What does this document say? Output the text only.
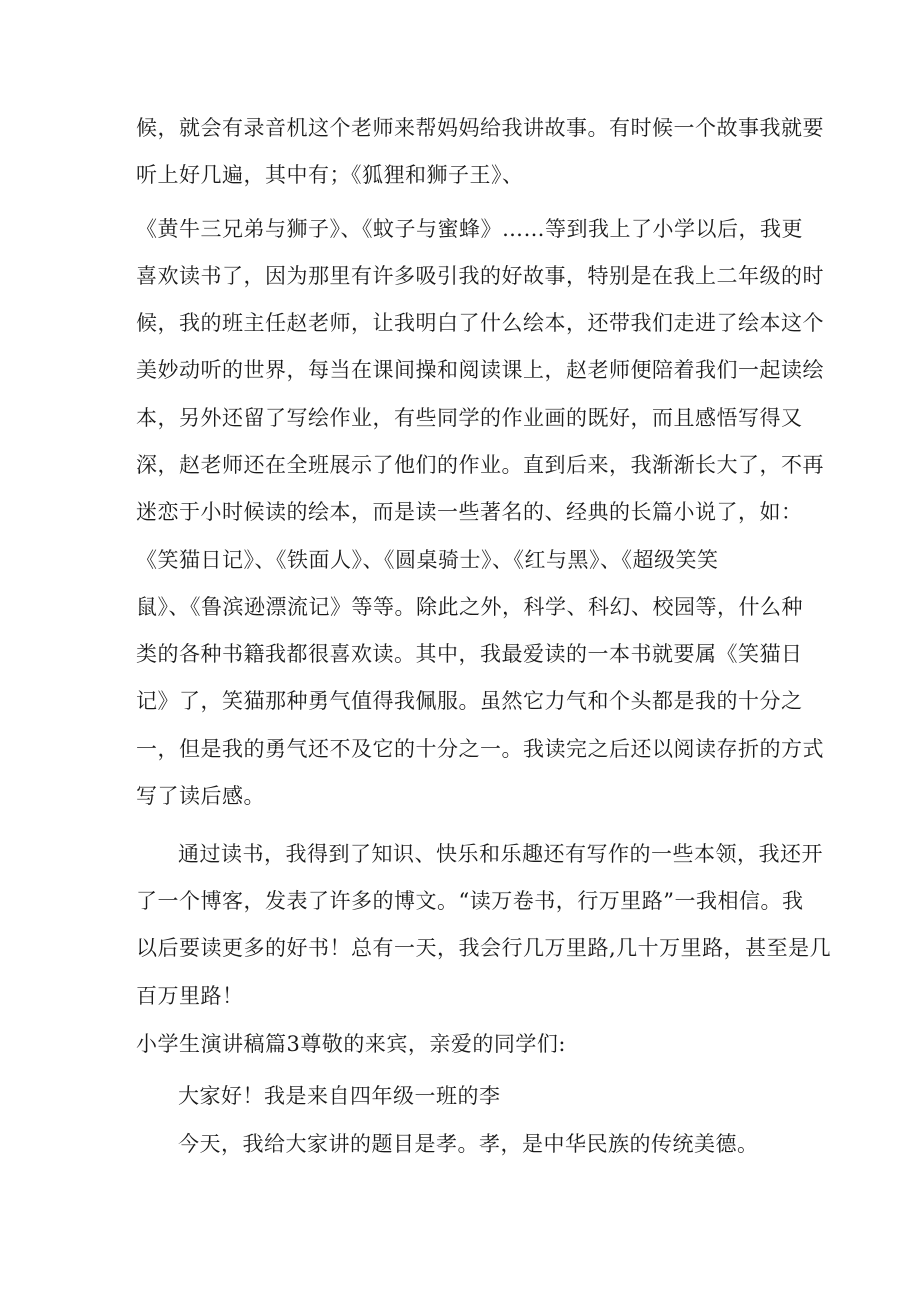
候，就会有录音机这个老师来帮妈妈给我讲故事。有时候一个故事我就要
听上好几遍，其中有；《狐狸和狮子王》、
《黄牛三兄弟与狮子》、《蚊子与蜜蜂》……等到我上了小学以后，我更
喜欢读书了，因为那里有许多吸引我的好故事，特别是在我上二年级的时
候，我的班主任赵老师，让我明白了什么绘本，还带我们走进了绘本这个
美妙动听的世界，每当在课间操和阅读课上，赵老师便陪着我们一起读绘
本，另外还留了写绘作业，有些同学的作业画的既好，而且感悟写得又
深，赵老师还在全班展示了他们的作业。直到后来，我渐渐长大了，不再
迷恋于小时候读的绘本，而是读一些著名的、经典的长篇小说了，如：
《笑猫日记》、《铁面人》、《圆桌骑士》、《红与黑》、《超级笑笑
鼠》、《鲁滨逊漂流记》等等。除此之外，科学、科幻、校园等，什么种
类的各种书籍我都很喜欢读。其中，我最爱读的一本书就要属《笑猫日
记》了，笑猫那种勇气值得我佩服。虽然它力气和个头都是我的十分之
一，但是我的勇气还不及它的十分之一。我读完之后还以阅读存折的方式
写了读后感。
通过读书，我得到了知识、快乐和乐趣还有写作的一些本领，我还开
了一个博客，发表了许多的博文。“读万卷书，行万里路”一我相信。我
以后要读更多的好书！总有一天，我会行几万里路,几十万里路，甚至是几
百万里路！
小学生演讲稿篇3尊敬的来宾，亲爱的同学们:
大家好！我是来自四年级一班的李
今天，我给大家讲的题目是孝。孝，是中华民族的传统美德。
